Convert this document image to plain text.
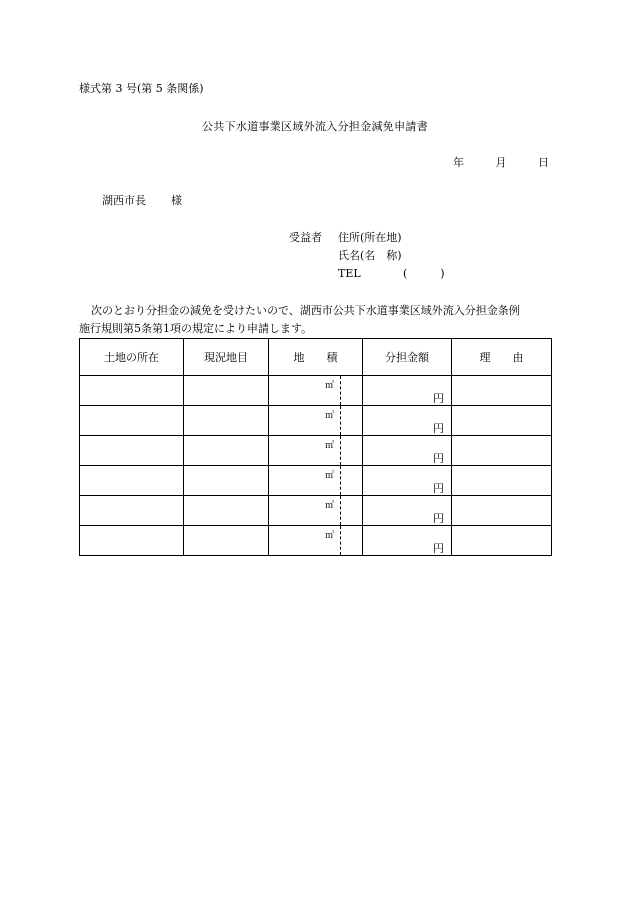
様式第 3 号(第 5 条関係)
公共下水道事業区域外流入分担金減免申請書
年	月	日
湖西市長 様
受益者 住所(所在地)
氏名(名　称)
TEL	(　　　)
次のとおり分担金の減免を受けたいので、湖西市公共下水道事業区域外流入分担金条例
施行規則第5条第1項の規定により申請します。
土地の所在	現況地目	地　　積	分担金額	理　　由

		㎡	円	

		㎡	円	

		㎡	円	

		㎡	円	

		㎡	円	

		㎡	円	
